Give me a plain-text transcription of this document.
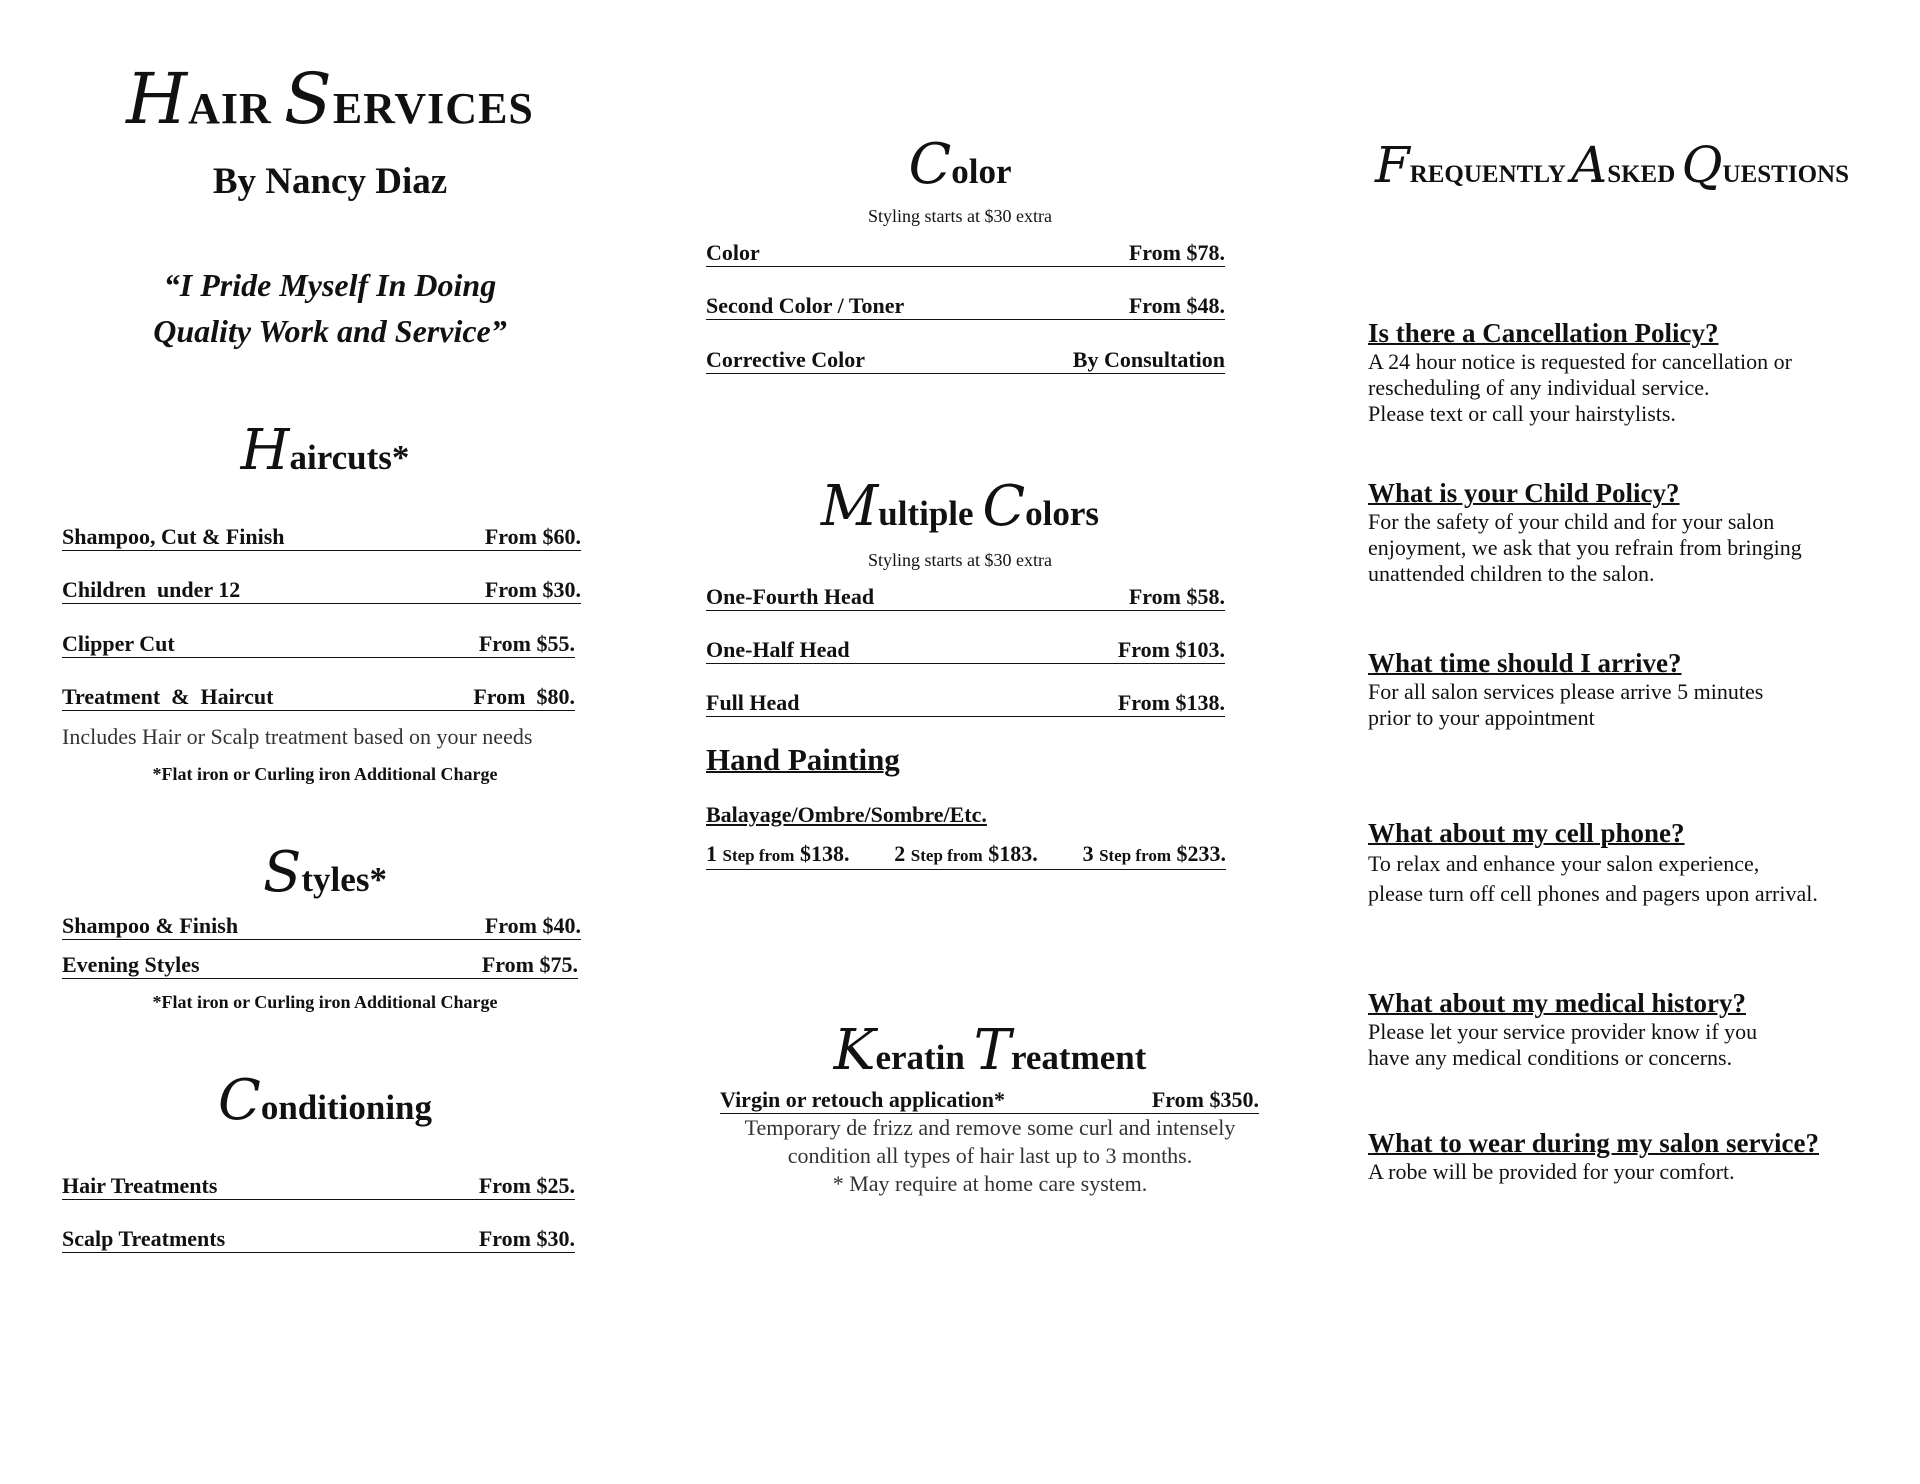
HAIR SERVICES
By Nancy Diaz
“I Pride Myself In Doing
Quality Work and Service”
Haircuts*
Shampoo, Cut & Finish	From $60.
Children  under 12	From $30.
Clipper Cut	From $55.
Treatment  &  Haircut	From  $80.
Includes Hair or Scalp treatment based on your needs
*Flat iron or Curling iron Additional Charge
Styles*
Shampoo & Finish	From $40.
Evening Styles	From $75.
*Flat iron or Curling iron Additional Charge
Conditioning
Hair Treatments	From $25.
Scalp Treatments	From $30.
Color
Styling starts at $30 extra
Color	From $78.
Second Color / Toner	From $48.
Corrective Color	By Consultation
Multiple Colors
Styling starts at $30 extra
One-Fourth Head	From $58.
One-Half Head	From $103.
Full Head	From $138.
Hand Painting
Balayage/Ombre/Sombre/Etc.
1 Step from $138. 2 Step from $183. 3 Step from $233.
Keratin Treatment
Virgin or retouch application*	From $350.
Temporary de frizz and remove some curl and intensely
condition all types of hair last up to 3 months.
* May require at home care system.
FREQUENTLY ASKED QUESTIONS
Is there a Cancellation Policy?
A 24 hour notice is requested for cancellation or
rescheduling of any individual service.
Please text or call your hairstylists.
What is your Child Policy?
For the safety of your child and for your salon
enjoyment, we ask that you refrain from bringing
unattended children to the salon.
What time should I arrive?
For all salon services please arrive 5 minutes
prior to your appointment
What about my cell phone?
To relax and enhance your salon experience,
please turn off cell phones and pagers upon arrival.
What about my medical history?
Please let your service provider know if you
have any medical conditions or concerns.
What to wear during my salon service?
A robe will be provided for your comfort.
